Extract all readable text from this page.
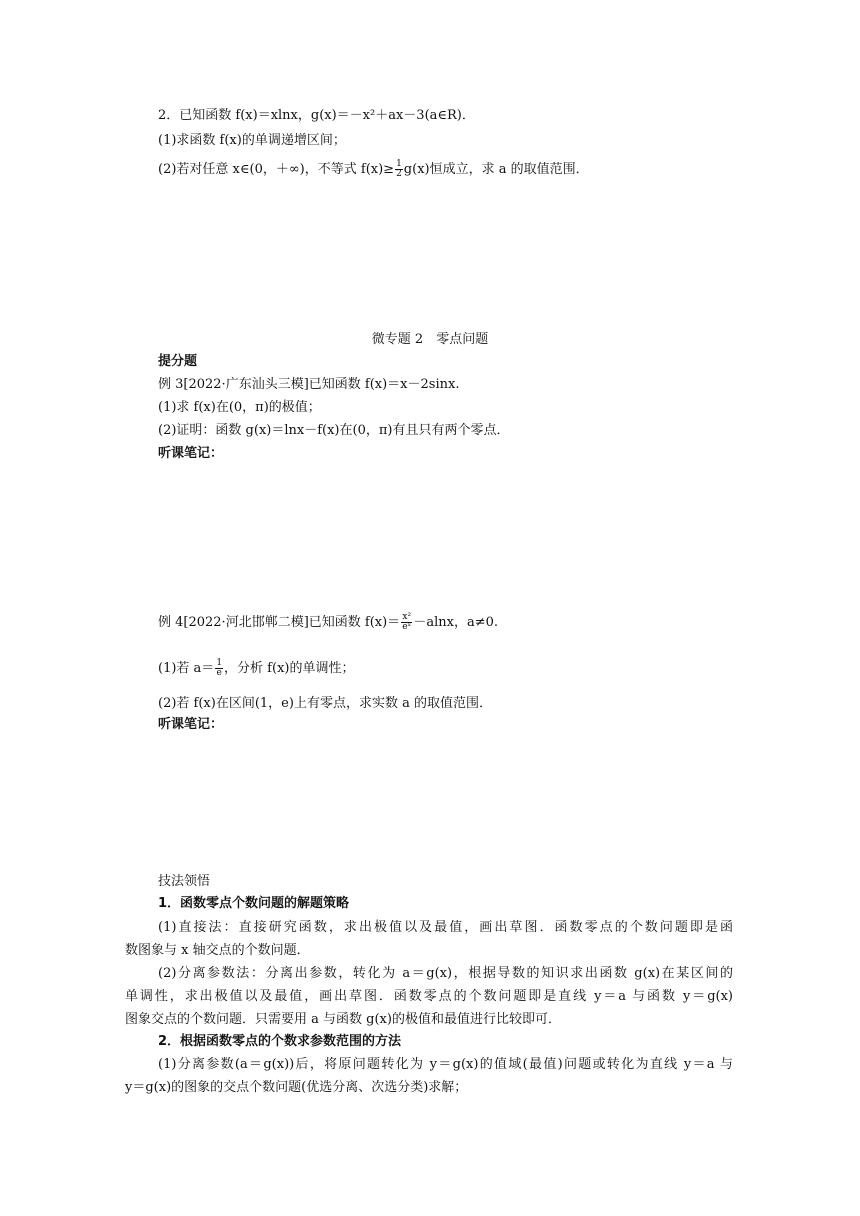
2．已知函数 f(x)＝xlnx，g(x)＝－x²＋ax－3(a∈R)．
(1)求函数 f(x)的单调递增区间；
(2)若对任意 x∈(0，＋∞)，不等式 $f(x)\ge \frac{1}{2} g(x)$恒成立，求 a 的取值范围．
微专题 2　零点问题
提分题
例 3[2022·广东汕头三模]已知函数 f(x)＝x－2sinx.
(1)求 f(x)在(0，π)的极值；
(2)证明：函数 g(x)＝lnx－f(x)在(0，π)有且只有两个零点．
听课笔记：
例 4[2022·河北邯郸二模]已知函数 $f(x)= \frac{\text{x²}}{\text{eˣ}} -alnx$，a≠0.
(1)若 $a= \frac{1}{e}$ ，分析 f(x)的单调性；
(2)若 f(x)在区间(1，e)上有零点，求实数 a 的取值范围．
听课笔记：
技法领悟
1．函数零点个数问题的解题策略
(1)直接法：直接研究函数，求出极值以及最值，画出草图．函数零点的个数问题即是函
数图象与 x 轴交点的个数问题．
(2)分离参数法：分离出参数，转化为 a＝g(x)，根据导数的知识求出函数 g(x)在某区间的
单调性，求出极值以及最值，画出草图．函数零点的个数问题即是直线 y＝a 与函数 y＝g(x)
图象交点的个数问题．只需要用 a 与函数 g(x)的极值和最值进行比较即可．
2．根据函数零点的个数求参数范围的方法
(1)分离参数(a＝g(x))后，将原问题转化为 y＝g(x)的值域(最值)问题或转化为直线 y＝a 与
y＝g(x)的图象的交点个数问题(优选分离、次选分类)求解；
